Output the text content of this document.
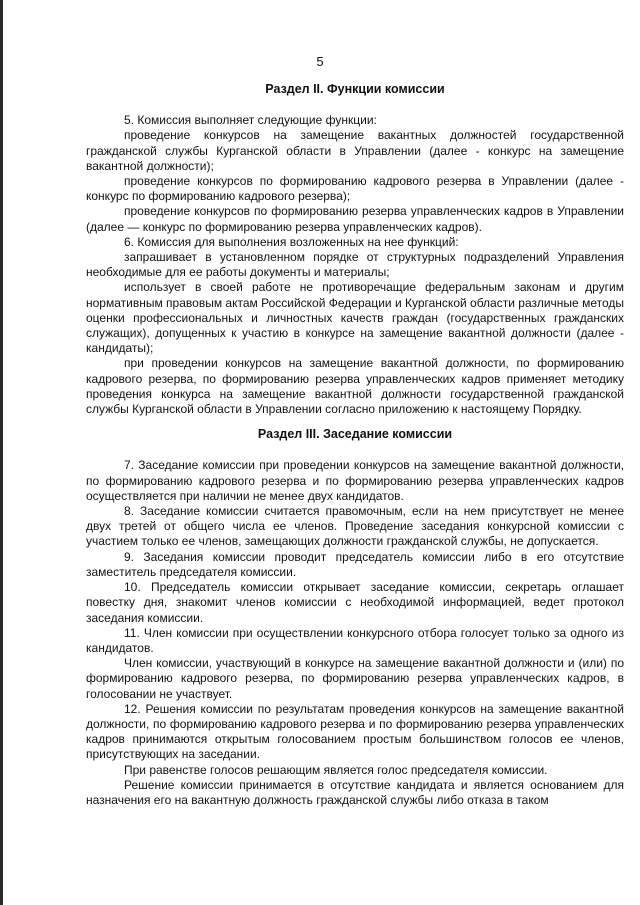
5
Раздел II. Функции комиссии

5. Комиссия выполняет следующие функции:

проведение конкурсов на замещение вакантных должностей государственной гражданской службы Курганской области в Управлении (далее - конкурс на замещение вакантной должности);

проведение конкурсов по формированию кадрового резерва в Управлении (далее - конкурс по формированию кадрового резерва);

проведение конкурсов по формированию резерва управленческих кадров в Управлении (далее — конкурс по формированию резерва управленческих кадров).

6. Комиссия для выполнения возложенных на нее функций:

запрашивает в установленном порядке от структурных подразделений Управления необходимые для ее работы документы и материалы;

использует в своей работе не противоречащие федеральным законам и другим нормативным правовым актам Российской Федерации и Курганской области различные методы оценки профессиональных и личностных качеств граждан (государственных гражданских служащих), допущенных к участию в конкурсе на замещение вакантной должности (далее - кандидаты);

при проведении конкурсов на замещение вакантной должности, по формированию кадрового резерва, по формированию резерва управленческих кадров применяет методику проведения конкурса на замещение вакантной должности государственной гражданской службы Курганской области в Управлении согласно приложению к настоящему Порядку.

Раздел III. Заседание комиссии

7. Заседание комиссии при проведении конкурсов на замещение вакантной должности, по формированию кадрового резерва и по формированию резерва управленческих кадров осуществляется при наличии не менее двух кандидатов.

8. Заседание комиссии считается правомочным, если на нем присутствует не менее двух третей от общего числа ее членов. Проведение заседания конкурсной комиссии с участием только ее членов, замещающих должности гражданской службы, не допускается.

9. Заседания комиссии проводит председатель комиссии либо в его отсутствие заместитель председателя комиссии.

10. Председатель комиссии открывает заседание комиссии, секретарь оглашает повестку дня, знакомит членов комиссии с необходимой информацией, ведет протокол заседания комиссии.

11. Член комиссии при осуществлении конкурсного отбора голосует только за одного из кандидатов.

Член комиссии, участвующий в конкурсе на замещение вакантной должности и (или) по формированию кадрового резерва, по формированию резерва управленческих кадров, в голосовании не участвует.

12. Решения комиссии по результатам проведения конкурсов на замещение вакантной должности, по формированию кадрового резерва и по формированию резерва управленческих кадров принимаются открытым голосованием простым большинством голосов ее членов, присутствующих на заседании.

При равенстве голосов решающим является голос председателя комиссии.

Решение комиссии принимается в отсутствие кандидата и является основанием для назначения его на вакантную должность гражданской службы либо отказа в таком
